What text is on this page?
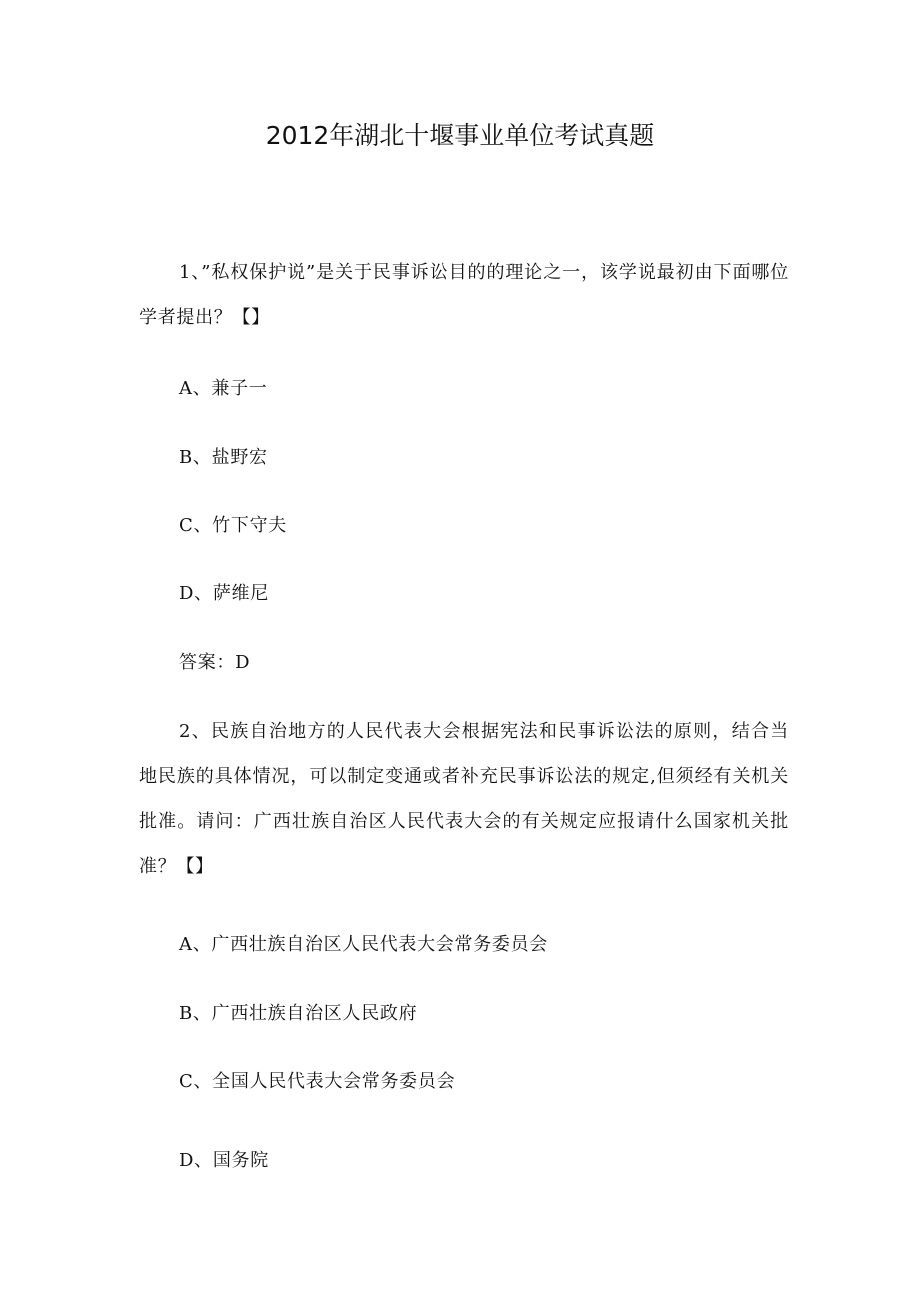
2012年湖北十堰事业单位考试真题

1、”私权保护说”是关于民事诉讼目的的理论之一，该学说最初由下面哪位学者提出？【】

A、兼子一
B、盐野宏
C、竹下守夫
D、萨维尼
答案：D

2、民族自治地方的人民代表大会根据宪法和民事诉讼法的原则，结合当地民族的具体情况，可以制定变通或者补充民事诉讼法的规定,但须经有关机关批准。请问：广西壮族自治区人民代表大会的有关规定应报请什么国家机关批准？【】

A、广西壮族自治区人民代表大会常务委员会
B、广西壮族自治区人民政府
C、全国人民代表大会常务委员会
D、国务院
